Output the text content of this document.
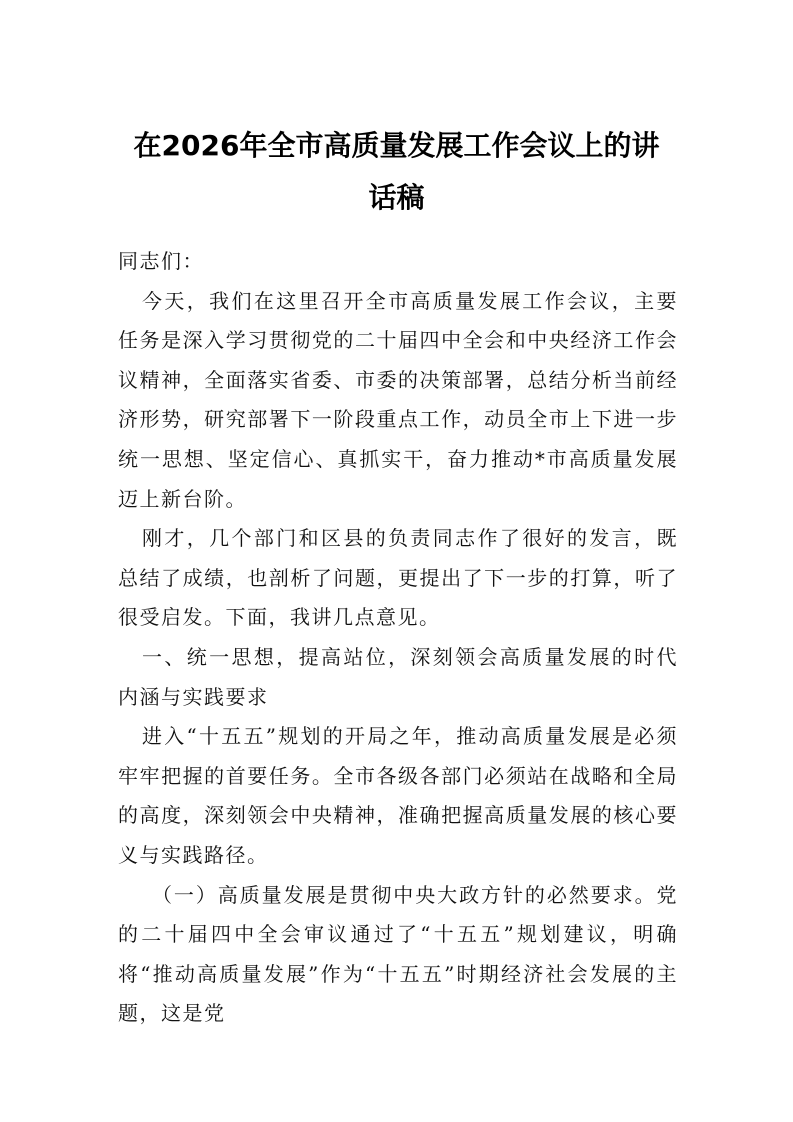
在2026年全市高质量发展工作会议上的讲
话稿

同志们：

今天，我们在这里召开全市高质量发展工作会议，主要任务是深入学习贯彻党的二十届四中全会和中央经济工作会议精神，全面落实省委、市委的决策部署，总结分析当前经济形势，研究部署下一阶段重点工作，动员全市上下进一步统一思想、坚定信心、真抓实干，奋力推动*市高质量发展迈上新台阶。

刚才，几个部门和区县的负责同志作了很好的发言，既总结了成绩，也剖析了问题，更提出了下一步的打算，听了很受启发。下面，我讲几点意见。

一、统一思想，提高站位，深刻领会高质量发展的时代内涵与实践要求

进入“十五五”规划的开局之年，推动高质量发展是必须牢牢把握的首要任务。全市各级各部门必须站在战略和全局的高度，深刻领会中央精神，准确把握高质量发展的核心要义与实践路径。

（一）高质量发展是贯彻中央大政方针的必然要求。党的二十届四中全会审议通过了“十五五”规划建议，明确将“推动高质量发展”作为“十五五”时期经济社会发展的主题，这是党
